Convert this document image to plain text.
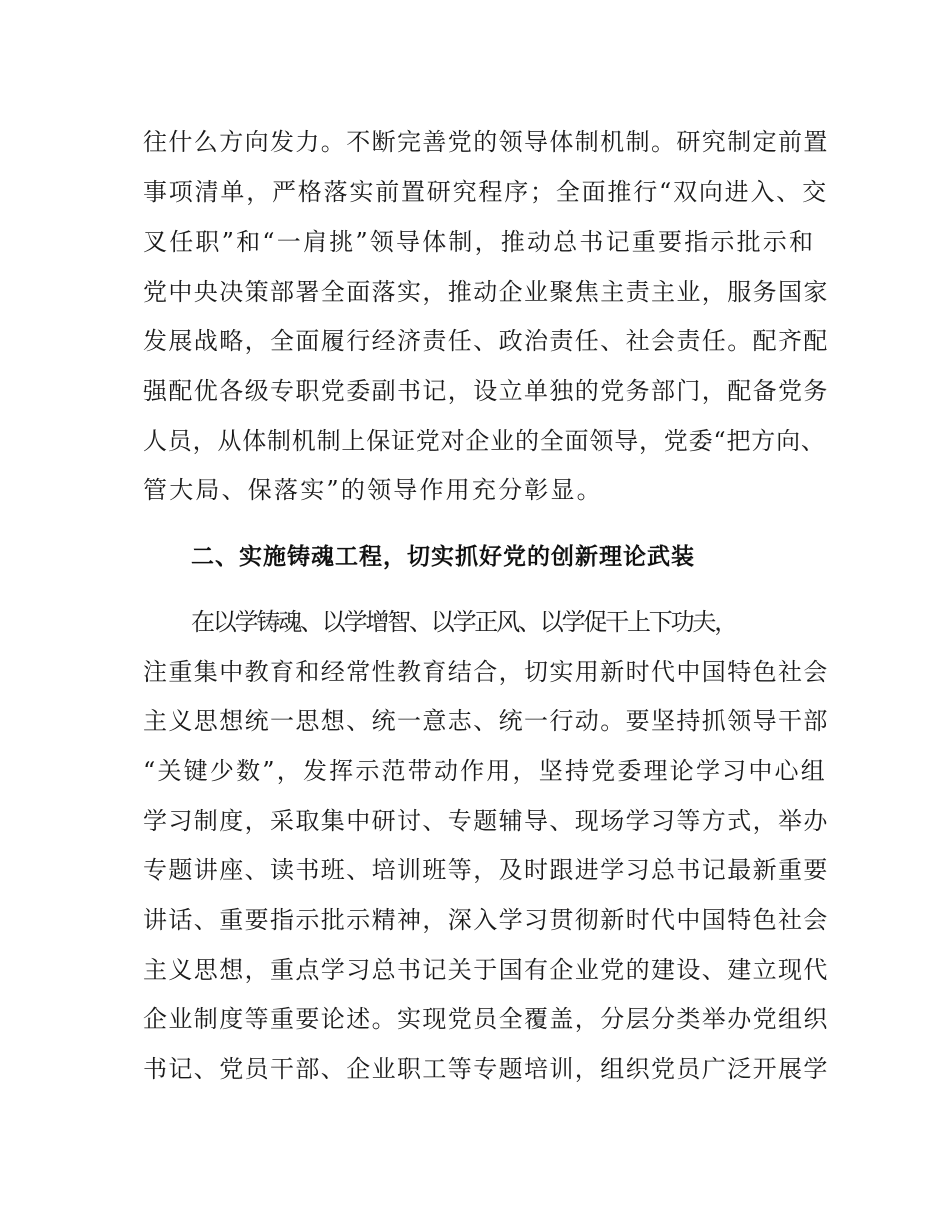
往什么方向发力。不断完善党的领导体制机制。研究制定前置
事项清单，严格落实前置研究程序；全面推行“双向进入、交
叉任职”和“一肩挑”领导体制，推动总书记重要指示批示和
党中央决策部署全面落实，推动企业聚焦主责主业，服务国家
发展战略，全面履行经济责任、政治责任、社会责任。配齐配
强配优各级专职党委副书记，设立单独的党务部门，配备党务
人员，从体制机制上保证党对企业的全面领导，党委“把方向、
管大局、保落实”的领导作用充分彰显。
二、实施铸魂工程，切实抓好党的创新理论武装
在以学铸魂、以学增智、以学正风、以学促干上下功夫，
注重集中教育和经常性教育结合，切实用新时代中国特色社会
主义思想统一思想、统一意志、统一行动。要坚持抓领导干部
“关键少数”，发挥示范带动作用，坚持党委理论学习中心组
学习制度，采取集中研讨、专题辅导、现场学习等方式，举办
专题讲座、读书班、培训班等，及时跟进学习总书记最新重要
讲话、重要指示批示精神，深入学习贯彻新时代中国特色社会
主义思想，重点学习总书记关于国有企业党的建设、建立现代
企业制度等重要论述。实现党员全覆盖，分层分类举办党组织
书记、党员干部、企业职工等专题培训，组织党员广泛开展学
